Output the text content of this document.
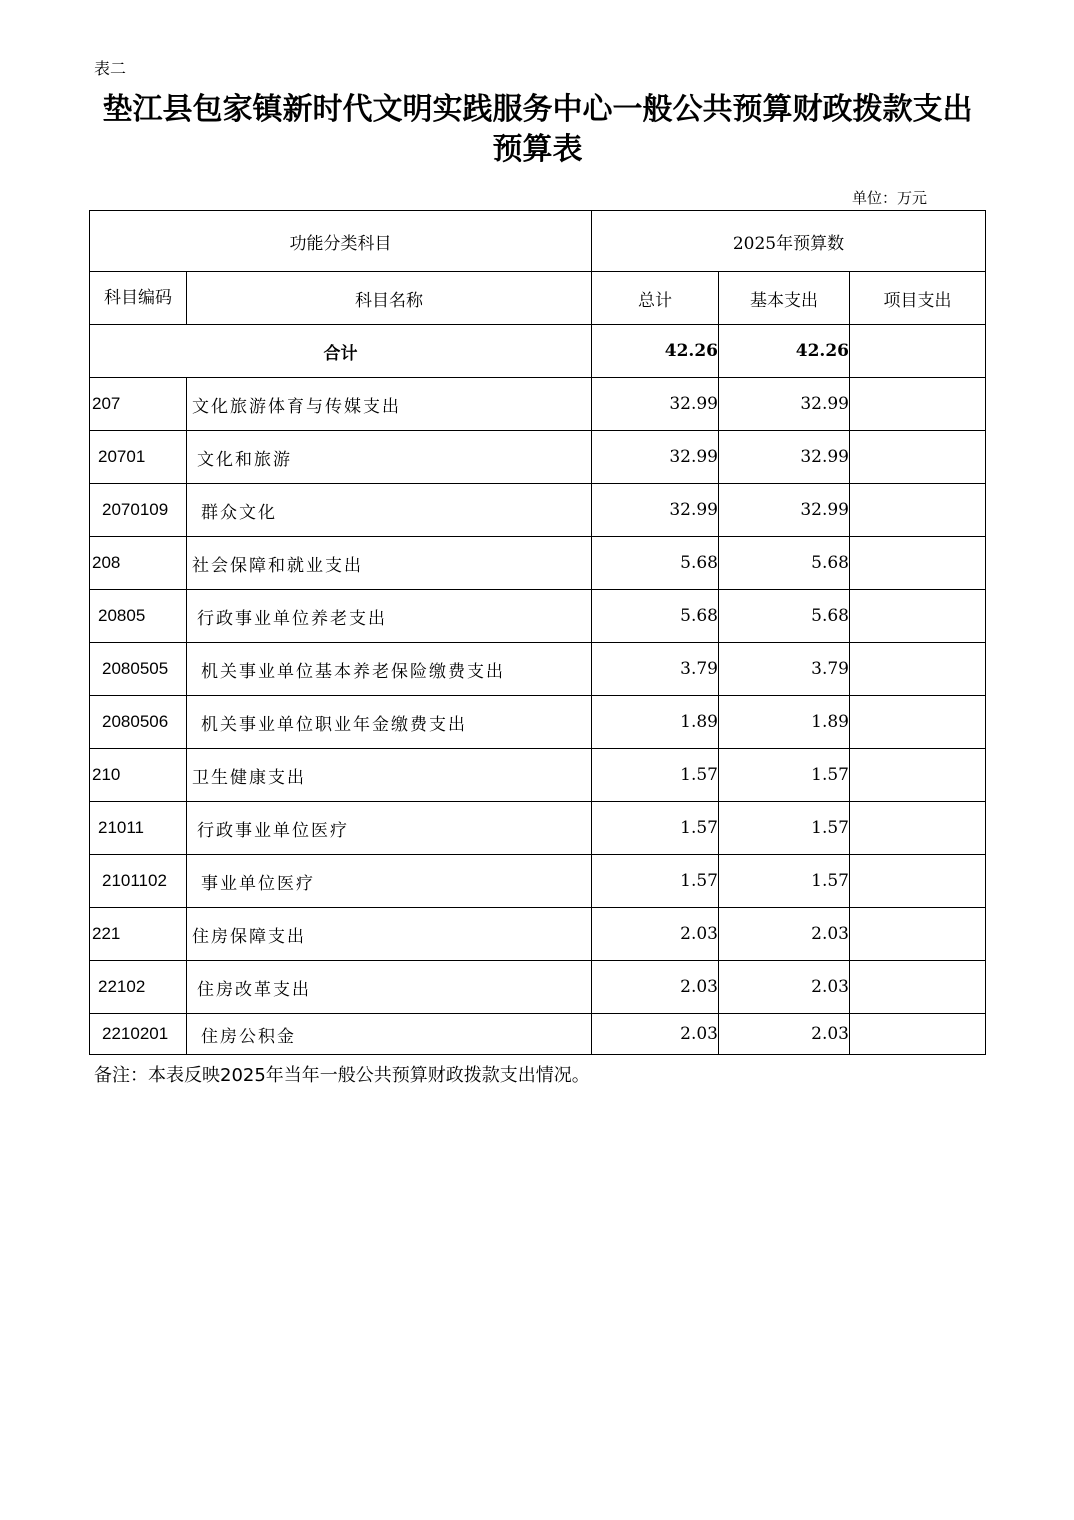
表二
垫江县包家镇新时代文明实践服务中心一般公共预算财政拨款支出预算表
单位：万元
功能分类科目		2025年预算数		
科目编码	科目名称	总计	基本支出	项目支出
合计		42.26	42.26	
207	文化旅游体育与传媒支出	32.99	32.99	
20701	文化和旅游	32.99	32.99	
2070109	群众文化	32.99	32.99	
208	社会保障和就业支出	5.68	5.68	
20805	行政事业单位养老支出	5.68	5.68	
2080505	机关事业单位基本养老保险缴费支出	3.79	3.79	
2080506	机关事业单位职业年金缴费支出	1.89	1.89	
210	卫生健康支出	1.57	1.57	
21011	行政事业单位医疗	1.57	1.57	
2101102	事业单位医疗	1.57	1.57	
221	住房保障支出	2.03	2.03	
22102	住房改革支出	2.03	2.03	
2210201	住房公积金	2.03	2.03	
备注：本表反映2025年当年一般公共预算财政拨款支出情况。
